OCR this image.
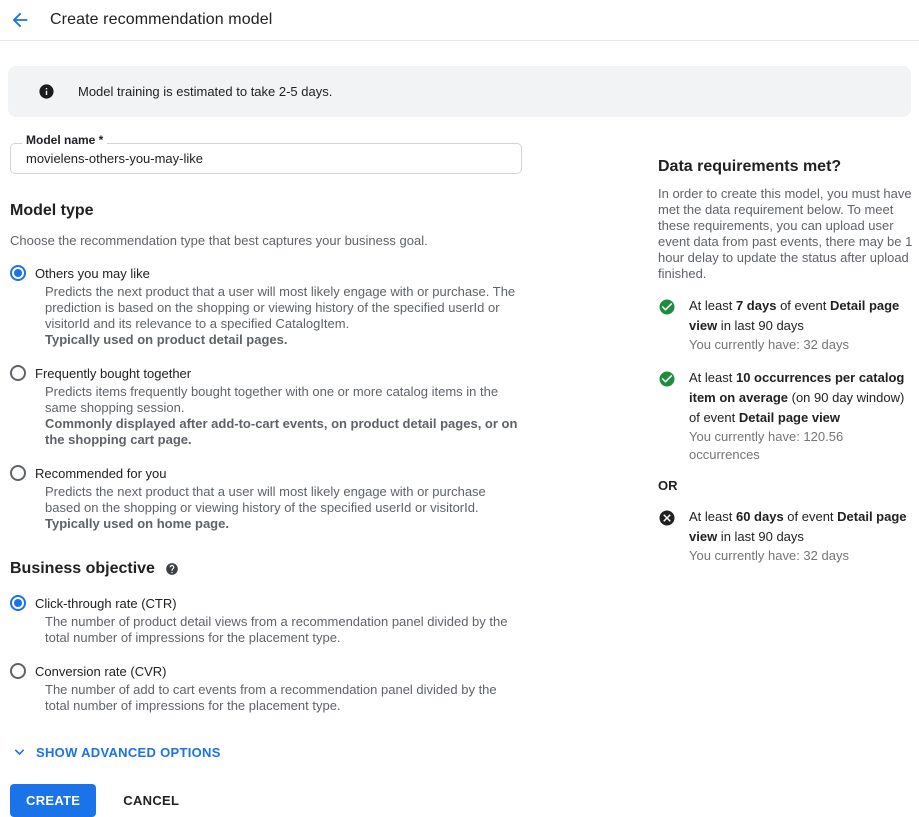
Create recommendation model
Model training is estimated to take 2-5 days.
Model name *
movielens-others-you-may-like
Model type

Choose the recommendation type that best captures your business goal.

Others you may like

Predicts the next product that a user will most likely engage with or purchase. The prediction is based on the shopping or viewing history of the specified userId or visitorId and its relevance to a specified CatalogItem.
Typically used on product detail pages.

Frequently bought together

Predicts items frequently bought together with one or more catalog items in the same shopping session.
Commonly displayed after add-to-cart events, on product detail pages, or on the shopping cart page.

Recommended for you

Predicts the next product that a user will most likely engage with or purchase based on the shopping or viewing history of the specified userId or visitorId.
Typically used on home page.

Business objective
Click-through rate (CTR)

The number of product detail views from a recommendation panel divided by the total number of impressions for the placement type.

Conversion rate (CVR)

The number of add to cart events from a recommendation panel divided by the total number of impressions for the placement type.

SHOW ADVANCED OPTIONS
CREATE	CANCEL
Data requirements met?

In order to create this model, you must have met the data requirement below. To meet these requirements, you can upload user event data from past events, there may be 1 hour delay to update the status after upload finished.

At least 7 days of event Detail page view in last 90 days
You currently have: 32 days
At least 10 occurrences per catalog item on average (on 90 day window) of event Detail page view
You currently have: 120.56 occurrences
OR
At least 60 days of event Detail page view in last 90 days
You currently have: 32 days
